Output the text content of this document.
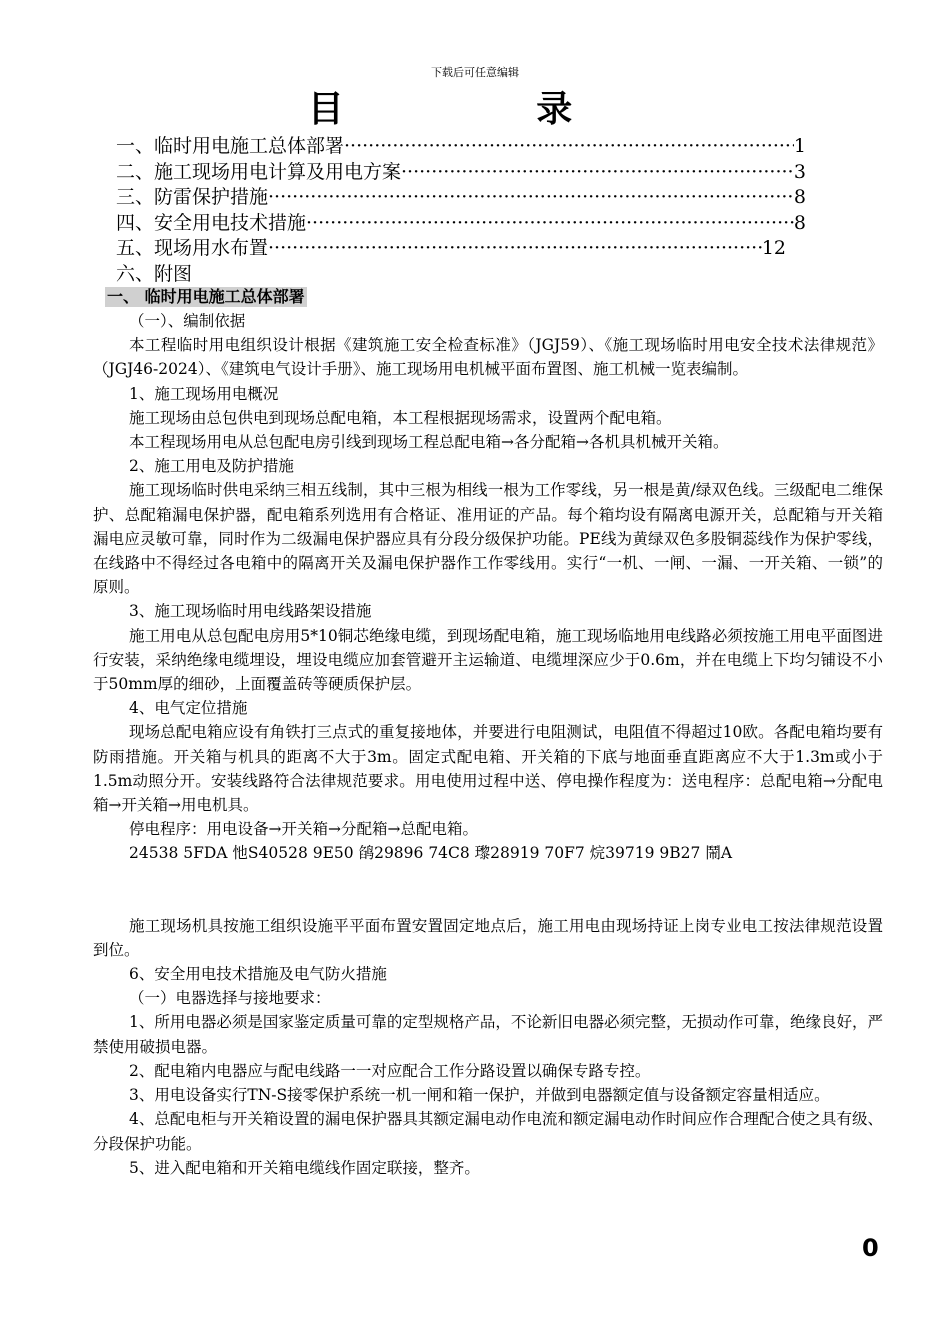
下载后可任意编辑
目 录
一、临时用电施工总体部署 ·····	1
二、施工现场用电计算及用电方案 ·····	3
三、防雷保护措施 ·····	8
四、安全用电技术措施 ·····	8
五、现场用水布置 ·····	12
六、附图
一、 临时用电施工总体部署

（一）、编制依据

本工程临时用电组织设计根据《建筑施工安全检查标准》（JGJ59）、《施工现场临时用电安全技术法律规范》（JGJ46-2024）、《建筑电气设计手册》、施工现场用电机械平面布置图、施工机械一览表编制。

1、施工现场用电概况

施工现场由总包供电到现场总配电箱，本工程根据现场需求，设置两个配电箱。

本工程现场用电从总包配电房引线到现场工程总配电箱→各分配箱→各机具机械开关箱。

2、施工用电及防护措施

施工现场临时供电采纳三相五线制，其中三根为相线一根为工作零线，另一根是黄/绿双色线。三级配电二维保护、总配箱漏电保护器，配电箱系列选用有合格证、准用证的产品。每个箱均设有隔离电源开关，总配箱与开关箱漏电应灵敏可靠，同时作为二级漏电保护器应具有分段分级保护功能。PE线为黄绿双色多股铜蕊线作为保护零线，在线路中不得经过各电箱中的隔离开关及漏电保护器作工作零线用。实行“一机、一闸、一漏、一开关箱、一锁”的原则。

3、施工现场临时用电线路架设措施

施工用电从总包配电房用5*10铜芯绝缘电缆，到现场配电箱，施工现场临地用电线路必须按施工用电平面图进行安装，采纳绝缘电缆埋设，埋设电缆应加套管避开主运输道、电缆埋深应少于0.6m，并在电缆上下均匀铺设不小于50mm厚的细砂，上面覆盖砖等硬质保护层。

4、电气定位措施

现场总配电箱应设有角铁打三点式的重复接地体，并要进行电阻测试，电阻值不得超过10欧。各配电箱均要有防雨措施。开关箱与机具的距离不大于3m。固定式配电箱、开关箱的下底与地面垂直距离应不大于1.3m或小于1.5m动照分开。安装线路符合法律规范要求。用电使用过程中送、停电操作程度为：送电程序：总配电箱→分配电箱→开关箱→用电机具。

停电程序：用电设备→开关箱→分配箱→总配电箱。

24538 5FDA 忚S40528 9E50 鹐29896 74C8 瓈28919 70F7 烷39719 9B27 鬧A

施工现场机具按施工组织设施平平面布置安置固定地点后，施工用电由现场持证上岗专业电工按法律规范设置到位。

6、安全用电技术措施及电气防火措施

（一）电器选择与接地要求：

1、所用电器必须是国家鉴定质量可靠的定型规格产品，不论新旧电器必须完整，无损动作可靠，绝缘良好，严禁使用破损电器。

2、配电箱内电器应与配电线路一一对应配合工作分路设置以确保专路专控。

3、用电设备实行TN-S接零保护系统一机一闸和箱一保护，并做到电器额定值与设备额定容量相适应。

4、总配电柜与开关箱设置的漏电保护器具其额定漏电动作电流和额定漏电动作时间应作合理配合使之具有级、分段保护功能。

5、进入配电箱和开关箱电缆线作固定联接，整齐。

0
